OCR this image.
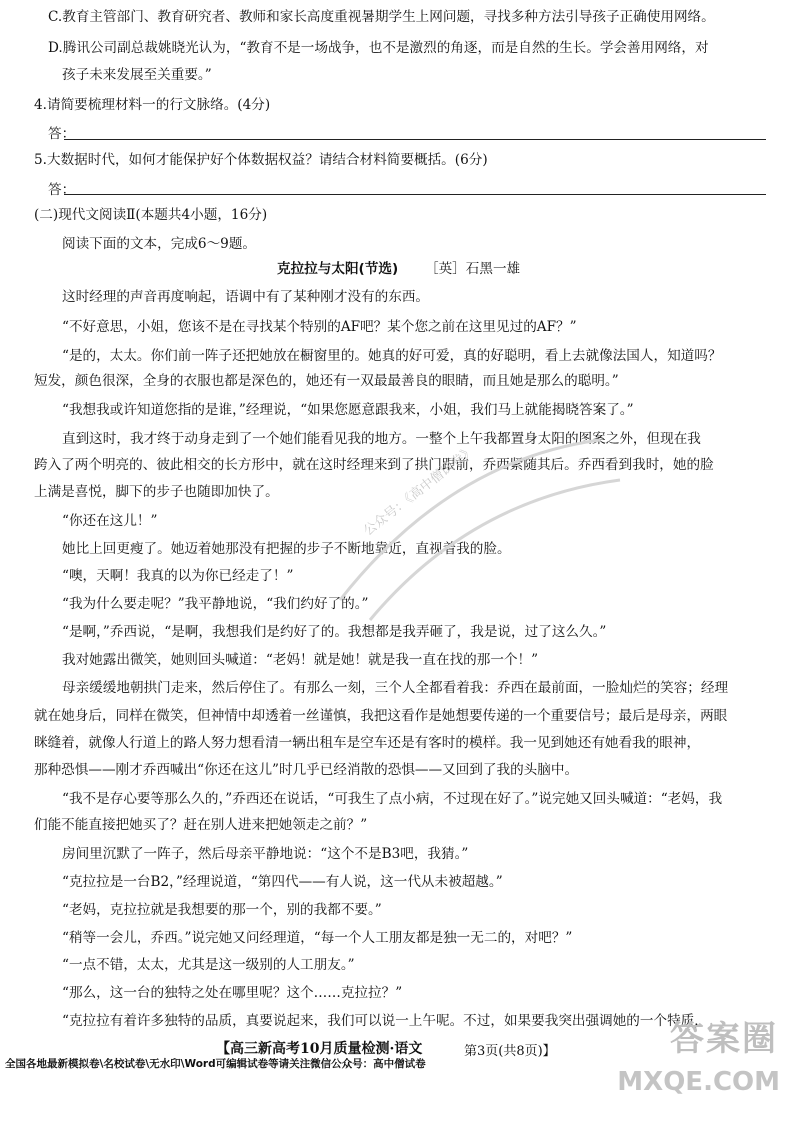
C.教育主管部门、教育研究者、教师和家长高度重视暑期学生上网问题，寻找多种方法引导孩子正确使用网络。
D.腾讯公司副总裁姚晓光认为，“教育不是一场战争，也不是激烈的角逐，而是自然的生长。学会善用网络，对
孩子未来发展至关重要。”
4.请简要梳理材料一的行文脉络。(4分)
答：
5.大数据时代，如何才能保护好个体数据权益？请结合材料简要概括。(6分)
答：
(二)现代文阅读Ⅱ(本题共4小题，16分)
阅读下面的文本，完成6～9题。
克拉拉与太阳(节选) ［英］石黑一雄
这时经理的声音再度响起，语调中有了某种刚才没有的东西。
“不好意思，小姐，您该不是在寻找某个特别的AF吧？某个您之前在这里见过的AF？”
“是的，太太。你们前一阵子还把她放在橱窗里的。她真的好可爱，真的好聪明，看上去就像法国人，知道吗？
短发，颜色很深，全身的衣服也都是深色的，她还有一双最最善良的眼睛，而且她是那么的聪明。”
“我想我或许知道您指的是谁，”经理说，“如果您愿意跟我来，小姐，我们马上就能揭晓答案了。”
直到这时，我才终于动身走到了一个她们能看见我的地方。一整个上午我都置身太阳的图案之外，但现在我
跨入了两个明亮的、彼此相交的长方形中，就在这时经理来到了拱门跟前，乔西紧随其后。乔西看到我时，她的脸
上满是喜悦，脚下的步子也随即加快了。
“你还在这儿！”
她比上回更瘦了。她迈着她那没有把握的步子不断地靠近，直视着我的脸。
“噢，天啊！我真的以为你已经走了！”
“我为什么要走呢？”我平静地说，“我们约好了的。”
“是啊，”乔西说，“是啊，我想我们是约好了的。我想都是我弄砸了，我是说，过了这么久。”
我对她露出微笑，她则回头喊道：“老妈！就是她！就是我一直在找的那一个！”
母亲缓缓地朝拱门走来，然后停住了。有那么一刻，三个人全都看着我：乔西在最前面，一脸灿烂的笑容；经理
就在她身后，同样在微笑，但神情中却透着一丝谨慎，我把这看作是她想要传递的一个重要信号；最后是母亲，两眼
眯缝着，就像人行道上的路人努力想看清一辆出租车是空车还是有客时的模样。我一见到她还有她看我的眼神，
那种恐惧——刚才乔西喊出“你还在这儿”时几乎已经消散的恐惧——又回到了我的头脑中。
“我不是存心要等那么久的，”乔西还在说话，“可我生了点小病，不过现在好了。”说完她又回头喊道：“老妈，我
们能不能直接把她买了？赶在别人进来把她领走之前？”
房间里沉默了一阵子，然后母亲平静地说：“这个不是B3吧，我猜。”
“克拉拉是一台B2，”经理说道，“第四代——有人说，这一代从未被超越。”
“老妈，克拉拉就是我想要的那一个，别的我都不要。”
“稍等一会儿，乔西。”说完她又问经理道，“每一个人工朋友都是独一无二的，对吧？”
“一点不错，太太，尤其是这一级别的人工朋友。”
“那么，这一台的独特之处在哪里呢？这个……克拉拉？”
“克拉拉有着许多独特的品质，真要说起来，我们可以说一上午呢。不过，如果要我突出强调她的一个特质，
【高三新高考10月质量检测·语文	第3页(共8页)】
全国各地最新模拟卷\名校试卷\无水印\Word可编辑试卷等请关注微信公众号：高中僧试卷
公众号：《高中僧试卷》
答案圈
MXQE.COM
